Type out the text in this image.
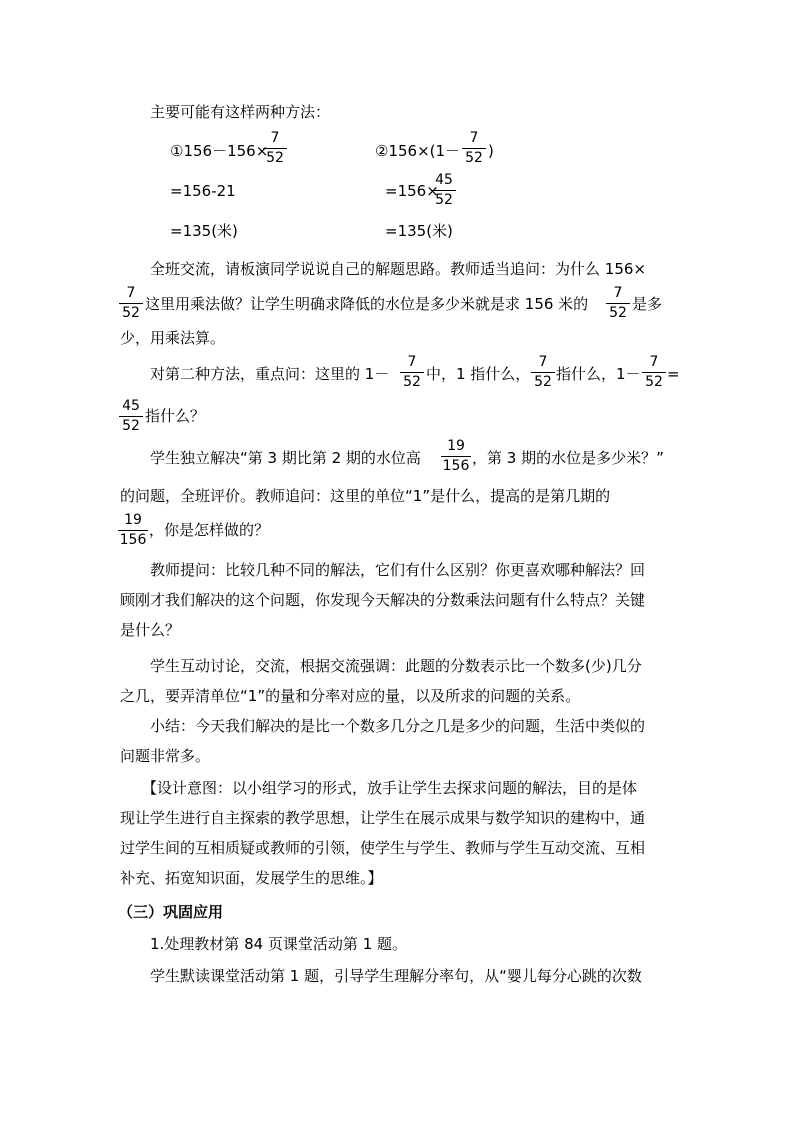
主要可能有这样两种方法：
①156－156×
7
52
=156-21
=135(米)
②156×(1－
7
52 )
=156×
45
52
=135(米)
全班交流，请板演同学说说自己的解题思路。教师适当追问：为什么 156×
7
52 这里用乘法做？让学生明确求降低的水位是多少米就是求 156 米的
7
52 是多
少，用乘法算。
对第二种方法，重点问：这里的 1－
7
52 中，1 指什么，
7
52 指什么，1－
7
52 =
45
52
指什么？
学生独立解决“第 3 期比第 2 期的水位高
19
156 ，第 3 期的水位是多少米？”
的问题，全班评价。教师追问：这里的单位“1”是什么，提高的是第几期的
19
156
，你是怎样做的？
教师提问：比较几种不同的解法，它们有什么区别？你更喜欢哪种解法？回
顾刚才我们解决的这个问题，你发现今天解决的分数乘法问题有什么特点？关键
是什么？
学生互动讨论，交流，根据交流强调：此题的分数表示比一个数多(少)几分
之几，要弄清单位“1”的量和分率对应的量，以及所求的问题的关系。
小结：今天我们解决的是比一个数多几分之几是多少的问题，生活中类似的
问题非常多。
【设计意图：以小组学习的形式，放手让学生去探求问题的解法，目的是体
现让学生进行自主探索的教学思想，让学生在展示成果与数学知识的建构中，通
过学生间的互相质疑或教师的引领，使学生与学生、教师与学生互动交流、互相
补充、拓宽知识面，发展学生的思维。】
（三）巩固应用
1.处理教材第 84 页课堂活动第 1 题。
学生默读课堂活动第 1 题，引导学生理解分率句，从“婴儿每分心跳的次数
